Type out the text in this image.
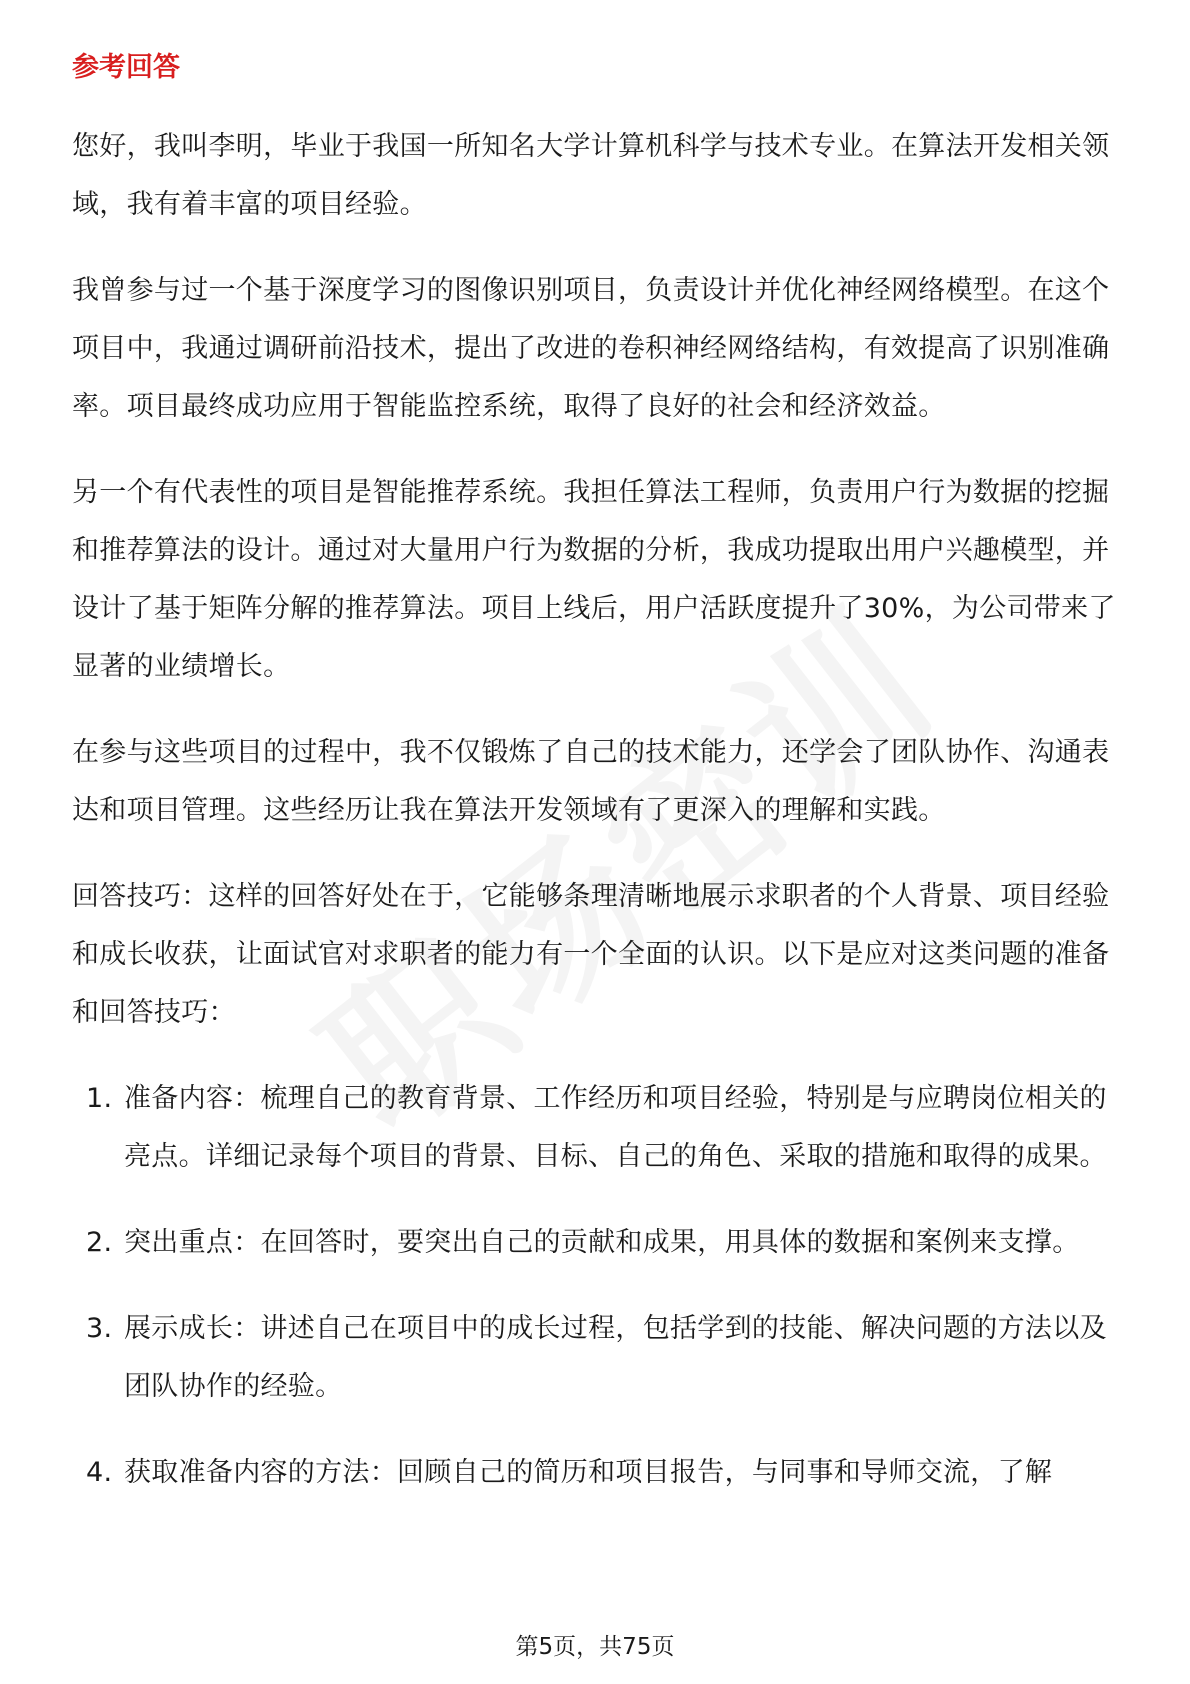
参考回答

您好，我叫李明，毕业于我国一所知名大学计算机科学与技术专业。在算法开发相关领域，我有着丰富的项目经验。

我曾参与过一个基于深度学习的图像识别项目，负责设计并优化神经网络模型。在这个项目中，我通过调研前沿技术，提出了改进的卷积神经网络结构，有效提高了识别准确率。项目最终成功应用于智能监控系统，取得了良好的社会和经济效益。

另一个有代表性的项目是智能推荐系统。我担任算法工程师，负责用户行为数据的挖掘和推荐算法的设计。通过对大量用户行为数据的分析，我成功提取出用户兴趣模型，并设计了基于矩阵分解的推荐算法。项目上线后，用户活跃度提升了30%，为公司带来了显著的业绩增长。

在参与这些项目的过程中，我不仅锻炼了自己的技术能力，还学会了团队协作、沟通表达和项目管理。这些经历让我在算法开发领域有了更深入的理解和实践。

回答技巧：这样的回答好处在于，它能够条理清晰地展示求职者的个人背景、项目经验和成长收获，让面试官对求职者的能力有一个全面的认识。以下是应对这类问题的准备和回答技巧：

1. 准备内容：梳理自己的教育背景、工作经历和项目经验，特别是与应聘岗位相关的亮点。详细记录每个项目的背景、目标、自己的角色、采取的措施和取得的成果。
2. 突出重点：在回答时，要突出自己的贡献和成果，用具体的数据和案例来支撑。
3. 展示成长：讲述自己在项目中的成长过程，包括学到的技能、解决问题的方法以及团队协作的经验。
4. 获取准备内容的方法：回顾自己的简历和项目报告，与同事和导师交流，了解
第5页，共75页
